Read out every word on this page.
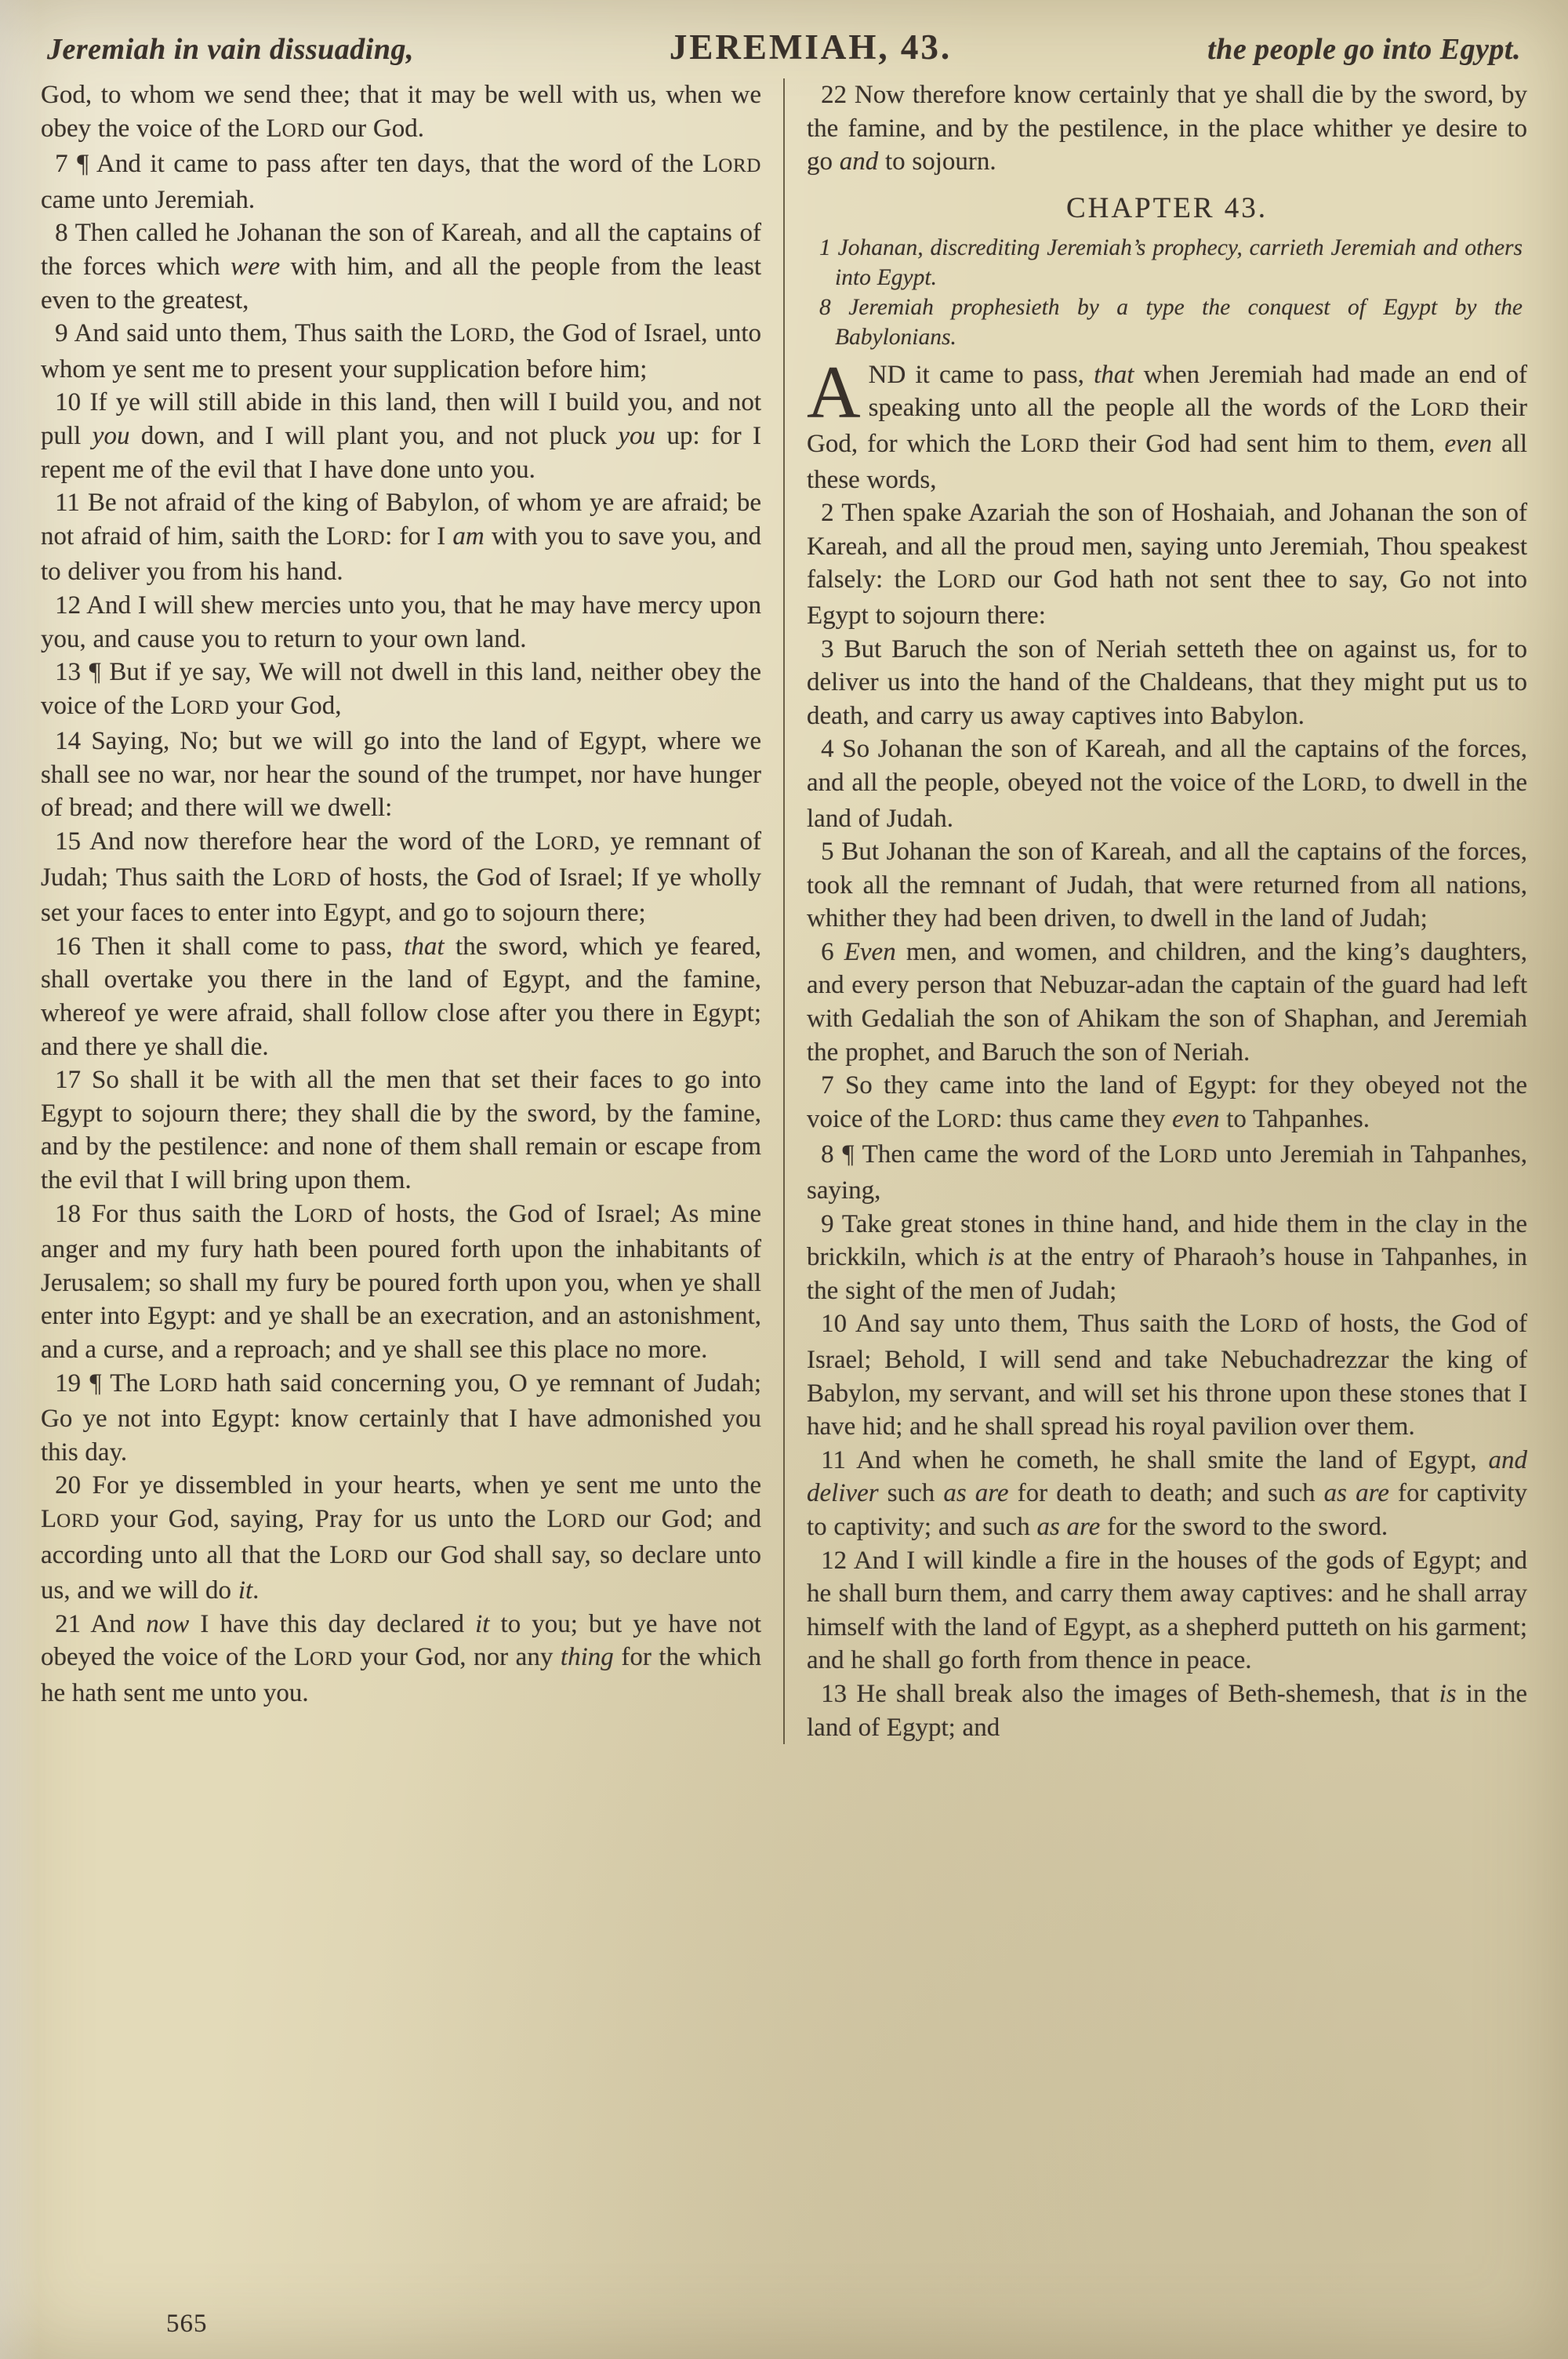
Jeremiah in vain dissuading,	JEREMIAH, 43.	the people go into Egypt.

God, to whom we send thee; that it may be well with us, when we obey the voice of the LORD our God.

7 ¶ And it came to pass after ten days, that the word of the LORD came unto Jeremiah.

8 Then called he Johanan the son of Kareah, and all the captains of the forces which were with him, and all the people from the least even to the greatest,

9 And said unto them, Thus saith the LORD, the God of Israel, unto whom ye sent me to present your supplication before him;

10 If ye will still abide in this land, then will I build you, and not pull you down, and I will plant you, and not pluck you up: for I repent me of the evil that I have done unto you.

11 Be not afraid of the king of Babylon, of whom ye are afraid; be not afraid of him, saith the LORD: for I am with you to save you, and to deliver you from his hand.

12 And I will shew mercies unto you, that he may have mercy upon you, and cause you to return to your own land.

13 ¶ But if ye say, We will not dwell in this land, neither obey the voice of the LORD your God,

14 Saying, No; but we will go into the land of Egypt, where we shall see no war, nor hear the sound of the trumpet, nor have hunger of bread; and there will we dwell:

15 And now therefore hear the word of the LORD, ye remnant of Judah; Thus saith the LORD of hosts, the God of Israel; If ye wholly set your faces to enter into Egypt, and go to sojourn there;

16 Then it shall come to pass, that the sword, which ye feared, shall overtake you there in the land of Egypt, and the famine, whereof ye were afraid, shall follow close after you there in Egypt; and there ye shall die.

17 So shall it be with all the men that set their faces to go into Egypt to sojourn there; they shall die by the sword, by the famine, and by the pestilence: and none of them shall remain or escape from the evil that I will bring upon them.

18 For thus saith the LORD of hosts, the God of Israel; As mine anger and my fury hath been poured forth upon the inhabitants of Jerusalem; so shall my fury be poured forth upon you, when ye shall enter into Egypt: and ye shall be an execration, and an astonishment, and a curse, and a reproach; and ye shall see this place no more.

19 ¶ The LORD hath said concerning you, O ye remnant of Judah; Go ye not into Egypt: know certainly that I have admonished you this day.

20 For ye dissembled in your hearts, when ye sent me unto the LORD your God, saying, Pray for us unto the LORD our God; and according unto all that the LORD our God shall say, so declare unto us, and we will do it.

21 And now I have this day declared it to you; but ye have not obeyed the voice of the LORD your God, nor any thing for the which he hath sent me unto you.

22 Now therefore know certainly that ye shall die by the sword, by the famine, and by the pestilence, in the place whither ye desire to go and to sojourn.

CHAPTER 43.

1 Johanan, discrediting Jeremiah’s prophecy, carrieth Jeremiah and others into Egypt.

8 Jeremiah prophesieth by a type the conquest of Egypt by the Babylonians.

AND it came to pass, that when Jeremiah had made an end of speaking unto all the people all the words of the LORD their God, for which the LORD their God had sent him to them, even all these words,

2 Then spake Azariah the son of Hoshaiah, and Johanan the son of Kareah, and all the proud men, saying unto Jeremiah, Thou speakest falsely: the LORD our God hath not sent thee to say, Go not into Egypt to sojourn there:

3 But Baruch the son of Neriah setteth thee on against us, for to deliver us into the hand of the Chaldeans, that they might put us to death, and carry us away captives into Babylon.

4 So Johanan the son of Kareah, and all the captains of the forces, and all the people, obeyed not the voice of the LORD, to dwell in the land of Judah.

5 But Johanan the son of Kareah, and all the captains of the forces, took all the remnant of Judah, that were returned from all nations, whither they had been driven, to dwell in the land of Judah;

6 Even men, and women, and children, and the king’s daughters, and every person that Nebuzar-adan the captain of the guard had left with Gedaliah the son of Ahikam the son of Shaphan, and Jeremiah the prophet, and Baruch the son of Neriah.

7 So they came into the land of Egypt: for they obeyed not the voice of the LORD: thus came they even to Tahpanhes.

8 ¶ Then came the word of the LORD unto Jeremiah in Tahpanhes, saying,

9 Take great stones in thine hand, and hide them in the clay in the brickkiln, which is at the entry of Pharaoh’s house in Tahpanhes, in the sight of the men of Judah;

10 And say unto them, Thus saith the LORD of hosts, the God of Israel; Behold, I will send and take Nebuchadrezzar the king of Babylon, my servant, and will set his throne upon these stones that I have hid; and he shall spread his royal pavilion over them.

11 And when he cometh, he shall smite the land of Egypt, and deliver such as are for death to death; and such as are for captivity to captivity; and such as are for the sword to the sword.

12 And I will kindle a fire in the houses of the gods of Egypt; and he shall burn them, and carry them away captives: and he shall array himself with the land of Egypt, as a shepherd putteth on his garment; and he shall go forth from thence in peace.

13 He shall break also the images of Beth-shemesh, that is in the land of Egypt; and

565
